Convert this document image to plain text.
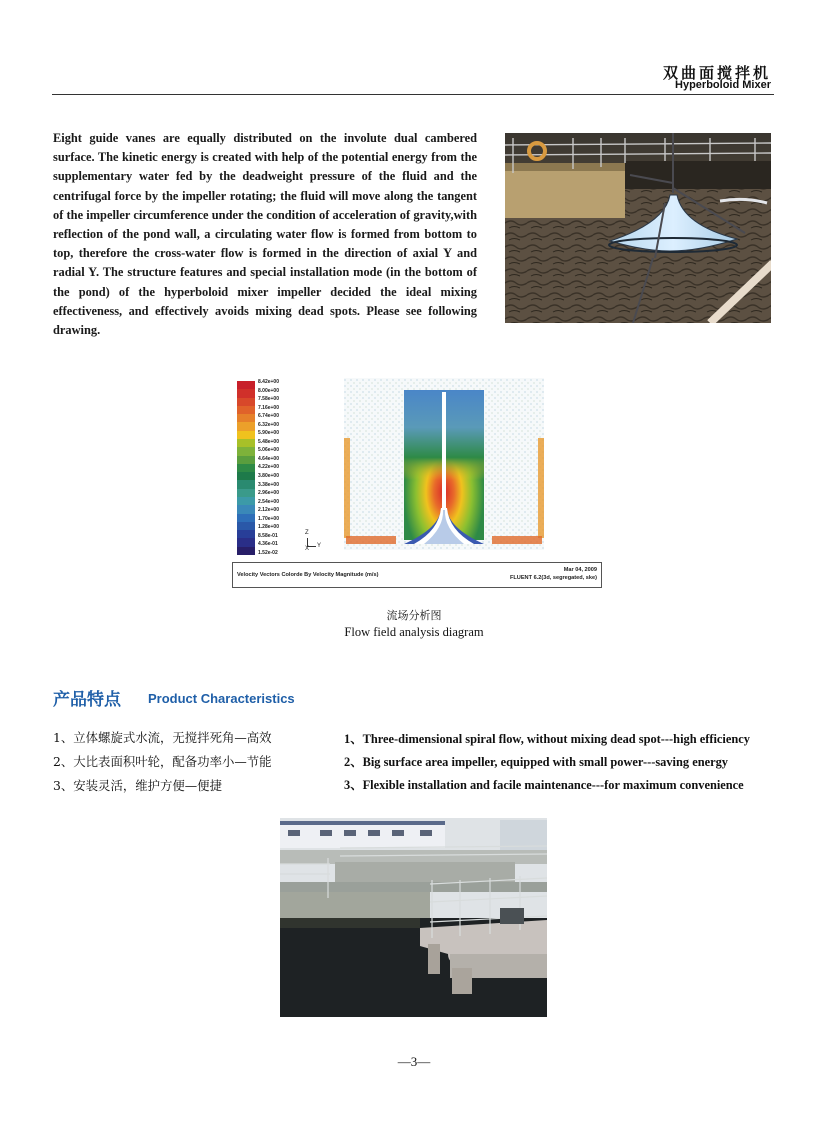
双曲面搅拌机
Hyperboloid Mixer
Eight guide vanes are equally distributed on the involute dual cambered surface. The kinetic energy is created with help of the potential energy from the supplementary water fed by the deadweight pressure of the fluid and the centrifugal force by the impeller rotating; the fluid will move along the tangent of the impeller circumference under the condition of acceleration of gravity,with reflection of the pond wall, a circulating water flow is formed from bottom to top, therefore the cross-water flow is formed in the direction of axial Y and radial Y. The structure features and special installation mode (in the bottom of the pond) of the hyperboloid mixer impeller decided the ideal mixing effectiveness, and effectively avoids mixing dead spots. Please see following drawing.
8.42e+00
8.00e+00
7.58e+00
7.16e+00
6.74e+00
6.32e+00
5.90e+00
5.48e+00
5.06e+00
4.64e+00
4.22e+00
3.80e+00
3.38e+00
2.96e+00
2.54e+00
2.12e+00
1.70e+00
1.28e+00
8.58e-01
4.36e-01
1.52e-02
Z
Y
X
Velocity Vectors Colorde By Velocity Magnitude (m/s)
Mar 04, 2009
FLUENT 6.2(3d, segregated, ske)
流场分析图
Flow field analysis diagram
产品特点 Product Characteristics
1、立体螺旋式水流，无搅拌死角—高效
2、大比表面积叶轮，配备功率小—节能
3、安装灵活，维护方便—便捷
1、Three-dimensional spiral flow, without mixing dead spot---high efficiency
2、Big surface area impeller, equipped with small power---saving energy
3、Flexible installation and facile maintenance---for maximum convenience
—3—
